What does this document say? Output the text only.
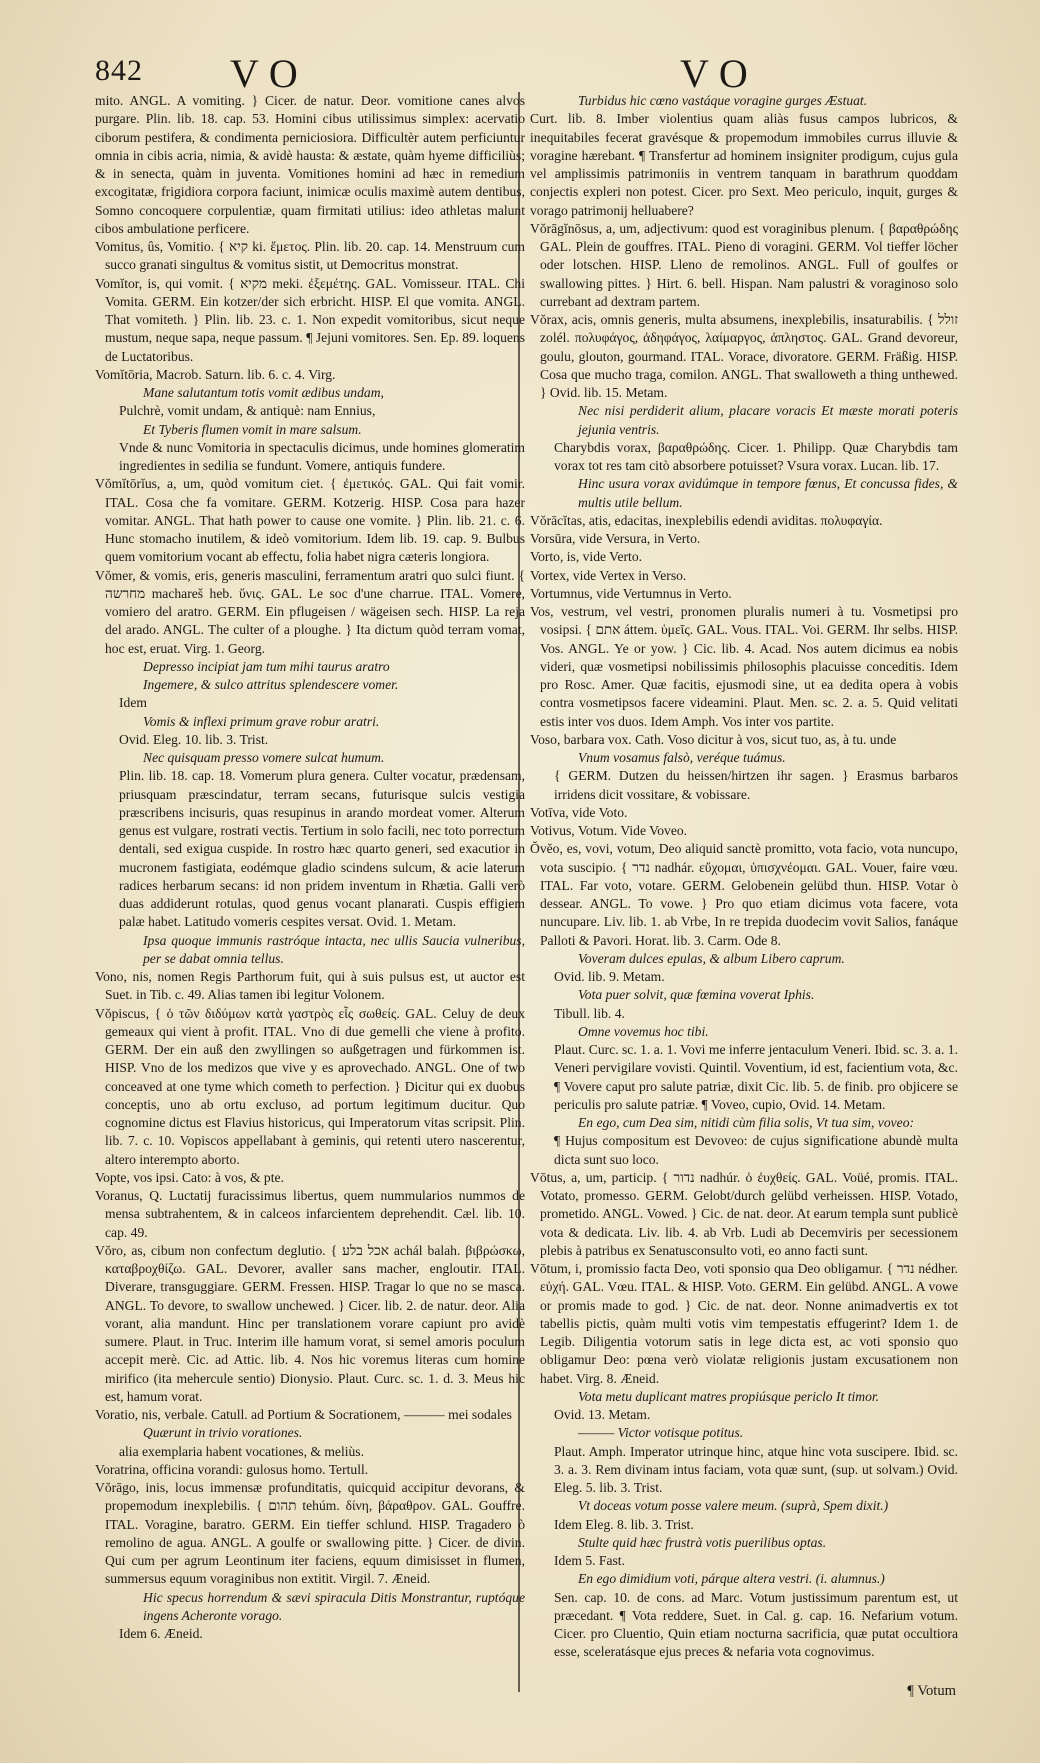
842 VO	VO

mito. ANGL. A vomiting. } Cicer. de natur. Deor. vomitione canes alvos purgare. Plin. lib. 18. cap. 53. Homini cibus utilissimus simplex: acervatio ciborum pestifera, & condimenta perniciosiora. Difficultèr autem perficiuntur omnia in cibis acria, nimia, & avidè hausta: & æstate, quàm hyeme difficiliùs; & in senecta, quàm in juventa. Vomitiones homini ad hæc in remedium excogitatæ, frigidiora corpora faciunt, inimicæ oculis maximè autem dentibus, Somno concoquere corpulentiæ, quam firmitati utilius: ideo athletas malunt cibos ambulatione perficere.

Vomitus, ûs, Vomitio. { קיא ki. ἔμετος. Plin. lib. 20. cap. 14. Menstruum cum succo granati singultus & vomitus sistit, ut Democritus monstrat.

Vomĭtor, is, qui vomit. { מקיא meki. ἐξεμέτης. GAL. Vomisseur. ITAL. Chi Vomita. GERM. Ein kotzer/der sich erbricht. HISP. El que vomita. ANGL. That vomiteth. } Plin. lib. 23. c. 1. Non expedit vomitoribus, sicut neque mustum, neque sapa, neque passum. ¶ Jejuni vomitores. Sen. Ep. 89. loquens de Luctatoribus.

Vomĭtōria, Macrob. Saturn. lib. 6. c. 4. Virg.

Mane salutantum totis vomit ædibus undam,

Pulchrè, vomit undam, & antiquè: nam Ennius,

Et Tyberis flumen vomit in mare salsum.

Vnde & nunc Vomitoria in spectaculis dicimus, unde homines glomeratim ingredientes in sedilia se fundunt. Vomere, antiquis fundere.

Vŏmĭtōrĭus, a, um, quòd vomitum ciet. { ἐμετικός. GAL. Qui fait vomir. ITAL. Cosa che fa vomitare. GERM. Kotzerig. HISP. Cosa para hazer vomitar. ANGL. That hath power to cause one vomite. } Plin. lib. 21. c. 6. Hunc stomacho inutilem, & ideò vomitorium. Idem lib. 19. cap. 9. Bulbus quem vomitorium vocant ab effectu, folia habet nigra cæteris longiora.

Vŏmer, & vomis, eris, generis masculini, ferramentum aratri quo sulci fiunt. { מחרשה machareš heb. ὕνις. GAL. Le soc d'une charrue. ITAL. Vomere, vomiero del aratro. GERM. Ein pflugeisen / wägeisen sech. HISP. La reja del arado. ANGL. The culter of a ploughe. } Ita dictum quòd terram vomat, hoc est, eruat. Virg. 1. Georg.

Depresso incipiat jam tum mihi taurus aratro

Ingemere, & sulco attritus splendescere vomer.

Idem

Vomis & inflexi primum grave robur aratri.

Ovid. Eleg. 10. lib. 3. Trist.

Nec quisquam presso vomere sulcat humum.

Plin. lib. 18. cap. 18. Vomerum plura genera. Culter vocatur, prædensam, priusquam præscindatur, terram secans, futurisque sulcis vestigia præscribens incisuris, quas resupinus in arando mordeat vomer. Alterum genus est vulgare, rostrati vectis. Tertium in solo facili, nec toto porrectum dentali, sed exigua cuspide. In rostro hæc quarto generi, sed exacutior in mucronem fastigiata, eodémque gladio scindens sulcum, & acie laterum radices herbarum secans: id non pridem inventum in Rhætia. Galli verò duas addiderunt rotulas, quod genus vocant planarati. Cuspis effigiem palæ habet. Latitudo vomeris cespites versat. Ovid. 1. Metam.

Ipsa quoque immunis rastróque intacta, nec ullis Saucia vulneribus, per se dabat omnia tellus.

Vono, nis, nomen Regis Parthorum fuit, qui à suis pulsus est, ut auctor est Suet. in Tib. c. 49. Alias tamen ibi legitur Volonem.

Vŏpiscus, { ὁ τῶν διδύμων κατὰ γαστρὸς εἷς σωθείς. GAL. Celuy de deux gemeaux qui vient à profit. ITAL. Vno di due gemelli che viene à profito. GERM. Der ein auß den zwyllingen so außgetragen und fürkommen ist. HISP. Vno de los medizos que vive y es aprovechado. ANGL. One of two conceaved at one tyme which cometh to perfection. } Dicitur qui ex duobus conceptis, uno ab ortu exclusο, ad portum legitimum ducitur. Quo cognomine dictus est Flavius historicus, qui Imperatorum vitas scripsit. Plin. lib. 7. c. 10. Vopiscos appellabant à geminis, qui retenti utero nascerentur, altero interempto aborto.

Vopte, vos ipsi. Cato: à vos, & pte.

Voranus, Q. Luctatij furacissimus libertus, quem nummularios nummos de mensa subtrahentem, & in calceos infarcientem deprehendit. Cæl. lib. 10. cap. 49.

Vŏro, as, cibum non confectum deglutio. { אכל בלע achál balah. βιβρώσκω, καταβροχθίζω. GAL. Devorer, avaller sans macher, engloutir. ITAL. Diverare, transguggiare. GERM. Fressen. HISP. Tragar lo que no se masca. ANGL. To devore, to swallow unchewed. } Cicer. lib. 2. de natur. deor. Alia vorant, alia mandunt. Hinc per translationem vorare capiunt pro avidè sumere. Plaut. in Truc. Interim ille hamum vorat, si semel amoris poculum accepit merè. Cic. ad Attic. lib. 4. Nos hic voremus literas cum homine mirifico (ita mehercule sentio) Dionysio. Plaut. Curc. sc. 1. d. 3. Meus hic est, hamum vorat.

Voratio, nis, verbale. Catull. ad Portium & Socrationem, ——— mei sodales

Quærunt in trivio vorationes.

alia exemplaria habent vocationes, & meliùs.

Voratrina, officina vorandi: gulosus homo. Tertull.

Vŏrāgo, inis, locus immensæ profunditatis, quicquid accipitur devorans, & propemodum inexplebilis. { תהום tehúm. δίνη, βάραθρον. GAL. Gouffre. ITAL. Voragine, baratro. GERM. Ein tieffer schlund. HISP. Tragadero ò remolino de agua. ANGL. A goulfe or swallowing pitte. } Cicer. de divin. Qui cum per agrum Leontinum iter faciens, equum dimisisset in flumen, summersus equum voraginibus non extitit. Virgil. 7. Æneid.

Hic specus horrendum & sævi spiracula Ditis Monstrantur, ruptóque ingens Acheronte vorago.

Idem 6. Æneid.

Turbidus hic cœno vastáque voragine gurges Æstuat.

Curt. lib. 8. Imber violentius quam aliàs fusus campos lubricos, & inequitabiles fecerat gravésque & propemodum immobiles currus illuvie & voragine hærebant. ¶ Transfertur ad hominem insigniter prodigum, cujus gula vel amplissimis patrimoniis in ventrem tanquam in barathrum quoddam conjectis expleri non potest. Cicer. pro Sext. Meo periculo, inquit, gurges & vorago patrimonij helluabere?

Vŏrāgĭnōsus, a, um, adjectivum: quod est voraginibus plenum. { βαραθρώδης GAL. Plein de gouffres. ITAL. Pieno di voragini. GERM. Vol tieffer löcher oder lotschen. HISP. Lleno de remolinos. ANGL. Full of goulfes or swallowing pittes. } Hirt. 6. bell. Hispan. Nam palustri & voraginoso solo currebant ad dextram partem.

Vŏrax, acis, omnis generis, multa absumens, inexplebilis, insaturabilis. { זולל zolél. πολυφάγος, ἀδηφάγος, λαίμαργος, ἀπληστος. GAL. Grand devoreur, goulu, glouton, gourmand. ITAL. Vorace, divoratore. GERM. Fräßig. HISP. Cosa que mucho traga, comilon. ANGL. That swalloweth a thing unthewed. } Ovid. lib. 15. Metam.

Nec nisi perdiderit alium, placare voracis Et mæste morati poteris jejunia ventris.

Charybdis vorax, βαραθρώδης. Cicer. 1. Philipp. Quæ Charybdis tam vorax tot res tam citò absorbere potuisset? Vsura vorax. Lucan. lib. 17.

Hinc usura vorax avidúmque in tempore fœnus, Et concussa fides, & multis utile bellum.

Vŏrācĭtas, atis, edacitas, inexplebilis edendi aviditas. πολυφαγία.

Vorsūra, vide Versura, in Verto.

Vorto, is, vide Verto.

Vortex, vide Vertex in Verso.

Vortumnus, vide Vertumnus in Verto.

Vos, vestrum, vel vestri, pronomen pluralis numeri à tu. Vosmetipsi pro vosipsi. { אתם áttem. ὑμεῖς. GAL. Vous. ITAL. Voi. GERM. Ihr selbs. HISP. Vos. ANGL. Ye or yow. } Cic. lib. 4. Acad. Nos autem dicimus ea nobis videri, quæ vosmetipsi nobilissimis philosophis placuisse conceditis. Idem pro Rosc. Amer. Quæ facitis, ejusmodi sine, ut ea dedita opera à vobis contra vosmetipsos facere videamini. Plaut. Men. sc. 2. a. 5. Quid velitati estis inter vos duos. Idem Amph. Vos inter vos partite.

Voso, barbara vox. Cath. Voso dicitur à vos, sicut tuo, as, à tu. unde

Vnum vosamus falsò, veréque tuámus.

{ GERM. Dutzen du heissen/hirtzen ihr sagen. } Erasmus barbaros irridens dicit vossitare, & vobissare.

Votīva, vide Voto.

Votivus, Votum. Vide Voveo.

Ŏvĕo, es, vovi, votum, Deo aliquid sanctè promitto, vota facio, vota nuncupo, vota suscipio. { נדר nadhár. εὔχομαι, ὑπισχνέομαι. GAL. Vouer, faire vœu. ITAL. Far voto, votare. GERM. Gelobenein gelübd thun. HISP. Votar ò dessear. ANGL. To vowe. } Pro quo etiam dicimus vota facere, vota nuncupare. Liv. lib. 1. ab Vrbe, In re trepida duodecim vovit Salios, fanáque Palloti & Pavori. Horat. lib. 3. Carm. Ode 8.

Voveram dulces epulas, & album Libero caprum.

Ovid. lib. 9. Metam.

Vota puer solvit, quæ fœmina voverat Iphis.

Tibull. lib. 4.

Omne vovemus hoc tibi.

Plaut. Curc. sc. 1. a. 1. Vovi me inferre jentaculum Veneri. Ibid. sc. 3. a. 1. Veneri pervigilare vovisti. Quintil. Voventium, id est, facientium vota, &c. ¶ Vovere caput pro salute patriæ, dixit Cic. lib. 5. de finib. pro objicere se periculis pro salute patriæ. ¶ Voveo, cupio, Ovid. 14. Metam.

En ego, cum Dea sim, nitidi cùm filia solis, Vt tua sim, voveo:

¶ Hujus compositum est Devoveo: de cujus significatione abundè multa dicta sunt suo loco.

Vōtus, a, um, particip. { נדור nadhúr. ὁ ἐυχθείς. GAL. Voüé, promis. ITAL. Votato, promesso. GERM. Gelobt/durch gelübd verheissen. HISP. Votado, prometido. ANGL. Vowed. } Cic. de nat. deor. At earum templa sunt publicè vota & dedicata. Liv. lib. 4. ab Vrb. Ludi ab Decemviris per secessionem plebis à patribus ex Senatusconsulto voti, eo anno facti sunt.

Vōtum, i, promissio facta Deo, voti sponsio qua Deo obligamur. { נדר nédher. εὐχή. GAL. Vœu. ITAL. & HISP. Voto. GERM. Ein gelübd. ANGL. A vowe or promis made to god. } Cic. de nat. deor. Nonne animadvertis ex tot tabellis pictis, quàm multi votis vim tempestatis effugerint? Idem 1. de Legib. Diligentia votorum satis in lege dicta est, ac voti sponsio quo obligamur Deo: pœna verò violatæ religionis justam excusationem non habet. Virg. 8. Æneid.

Vota metu duplicant matres propiúsque periclo It timor.

Ovid. 13. Metam.

——— Victor votisque potitus.

Plaut. Amph. Imperator utrinque hinc, atque hinc vota suscipere. Ibid. sc. 3. a. 3. Rem divinam intus faciam, vota quæ sunt, (sup. ut solvam.) Ovid. Eleg. 5. lib. 3. Trist.

Vt doceas votum posse valere meum. (suprà, Spem dixit.)

Idem Eleg. 8. lib. 3. Trist.

Stulte quid hæc frustrà votis puerilibus optas.

Idem 5. Fast.

En ego dimidium voti, párque altera vestri. (i. alumnus.)

Sen. cap. 10. de cons. ad Marc. Votum justissimum parentum est, ut præcedant. ¶ Vota reddere, Suet. in Cal. g. cap. 16. Nefarium votum. Cicer. pro Cluentio, Quin etiam nocturna sacrificia, quæ putat occultiora esse, sceleratásque ejus preces & nefaria vota cognovimus.

¶ Votum
